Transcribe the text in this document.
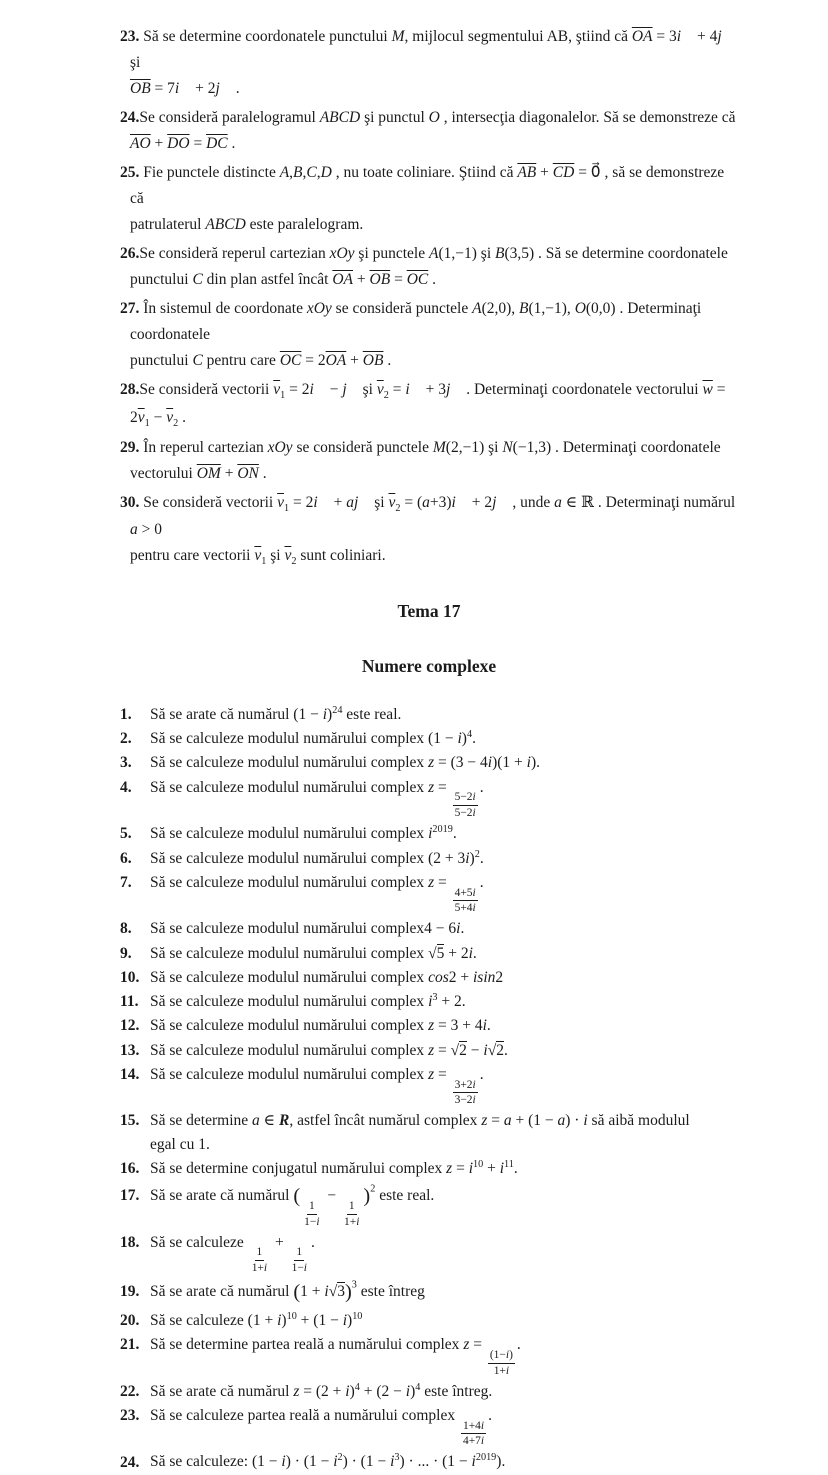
23. Să se determine coordonatele punctului M, mijlocul segmentului AB, ştiind că $\overline{OA}$ = 3i⃗ + 4j⃗ şi
$\overline{OB}$ = 7i⃗ + 2j⃗ .
24.Se consideră paralelogramul ABCD şi punctul O , intersecţia diagonalelor. Să se demonstreze că
$\overline{AO} + \overline{DO} = \overline{DC}$ .
25. Fie punctele distincte A,B,C,D , nu toate coliniare. Ştiind că $\overline{AB} + \overline{CD}$ = 0⃗ , să se demonstreze că
patrulaterul ABCD este paralelogram.
26.Se consideră reperul cartezian xOy şi punctele A(1,−1) şi B(3,5) . Să se determine coordonatele
punctului C din plan astfel încât $\overline{OA} + \overline{OB} = \overline{OC}$ .
27. În sistemul de coordonate xOy se consideră punctele A(2,0), B(1,−1), O(0,0) . Determinaţi coordonatele
punctului C pentru care $\overline{OC} = 2\overline{OA} + \overline{OB}$ .
28.Se consideră vectorii $\overline{v}_1$ = 2i⃗ − j⃗ şi $\overline{v}_2$ = i⃗ + 3j⃗ . Determinaţi coordonatele vectorului $\overline{w} = 2\overline{v}_1 - \overline{v}_2$ .
29. În reperul cartezian xOy se consideră punctele M(2,−1) şi N(−1,3) . Determinaţi coordonatele
vectorului $\overline{OM} + \overline{ON}$ .
30. Se consideră vectorii $\overline{v}_1$ = 2i⃗ + aj⃗ şi $\overline{v}_2$ = (a+3)i⃗ + 2j⃗ , unde a ∈ ℝ . Determinaţi numărul a > 0
pentru care vectorii $\overline{v}_1$ şi $\overline{v}_2$ sunt coliniari.
Tema 17
Numere complexe
1.	Să se arate că numărul $(1 - i)^{24}$ este real.
2.	Să se calculeze modulul numărului complex $(1 - i)^4$.
3.	Să se calculeze modulul numărului complex z = (3 − 4i)(1 + i).
4.	Să se calculeze modulul numărului complex z =
$\frac{5-2i}{5-2i}$
.
5.	Să se calculeze modulul numărului complex $i^{2019}$.
6.	Să se calculeze modulul numărului complex $(2 + 3i)^2$.
7.	Să se calculeze modulul numărului complex z =
$\frac{4+5i}{5+4i}$
.
8.	Să se calculeze modulul numărului complex4 − 6i.
9.	Să se calculeze modulul numărului complex √5 + 2i.
10. Să se calculeze modulul numărului complex cos2 + isin2
11. Să se calculeze modulul numărului complex $i^3 + 2$.
12. Să se calculeze modulul numărului complex z = 3 + 4i.
13. Să se calculeze modulul numărului complex z = √2 − i√2.
14. Să se calculeze modulul numărului complex z =
$\frac{3+2i}{3-2i}$
.
15. Să se determine a ∈ R, astfel încât numărul complex z = a + (1 − a) · i să aibă modulul
egal cu 1.
16. Să se determine conjugatul numărului complex $z = i^{10} + i^{11}$.
17. Să se arate că numărul (
$\frac{1}{1-i}$
−
$\frac{1}{1+i}$
)$^2$ este real.
18. Să se calculeze
$\frac{1}{1+i}$
+
$\frac{1}{1-i}$
.
19. Să se arate că numărul $(1 + i√3)^3$ este întreg
20. Să se calculeze $(1 + i)^{10} + (1 - i)^{10}$
21. Să se determine partea reală a numărului complex z =
$\frac{(1-i)}{1+i}$
.
22. Să se arate că numărul $z = (2 + i)^4 + (2 - i)^4$ este întreg.
23. Să se calculeze partea reală a numărului complex
$\frac{1+4i}{4+7i}$
.
24. Să se calculeze: $(1 - i) \cdot (1 - i^2) \cdot (1 - i^3)$ · ... · $(1 - i^{2019})$.
